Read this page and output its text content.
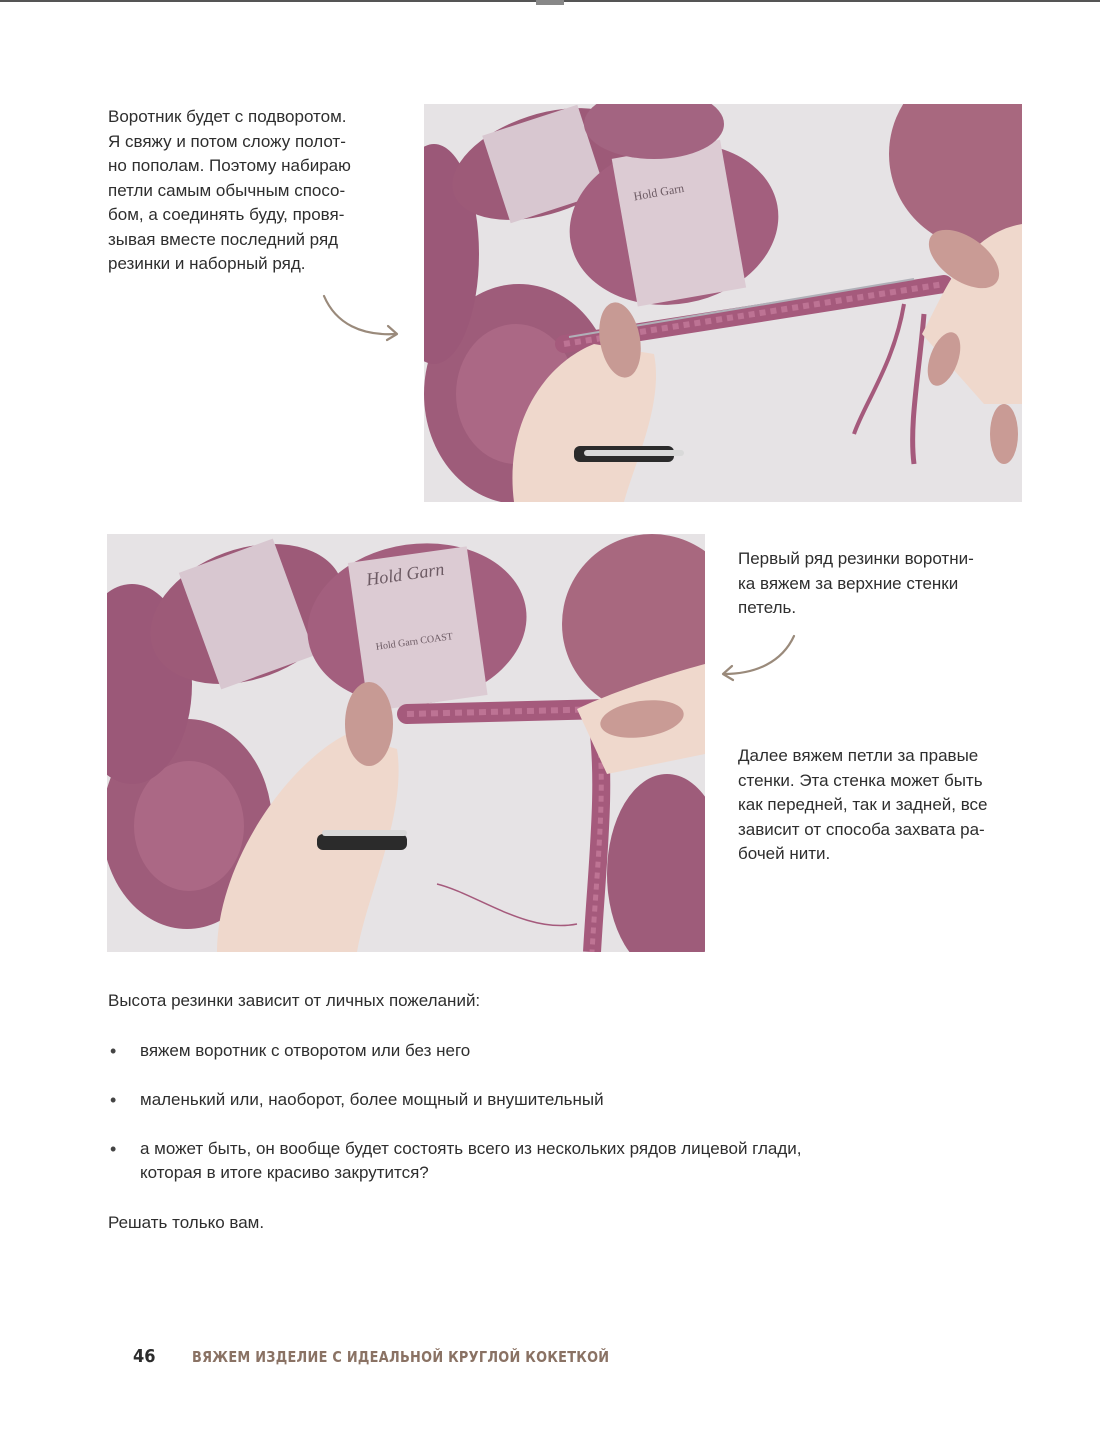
Воротник будет с подворотом.
Я свяжу и потом сложу полот-
но пополам. Поэтому набираю
петли самым обычным спосо-
бом, а соединять буду, провя-
зывая вместе последний ряд
резинки и наборный ряд.

Hold Garn
Hold Garn
Hold Garn COAST

Первый ряд резинки воротни-
ка вяжем за верхние стенки
петель.

Далее вяжем петли за правые
стенки. Эта стенка может быть
как передней, так и задней, все
зависит от способа захвата ра-
бочей нити.

Высота резинки зависит от личных пожеланий:

• вяжем воротник с отворотом или без него
• маленький или, наоборот, более мощный и внушительный
• а может быть, он вообще будет состоять всего из нескольких рядов лицевой глади,
которая в итоге красиво закрутится?

Решать только вам.

46 ВЯЖЕМ ИЗДЕЛИЕ С ИДЕАЛЬНОЙ КРУГЛОЙ КОКЕТКОЙ
